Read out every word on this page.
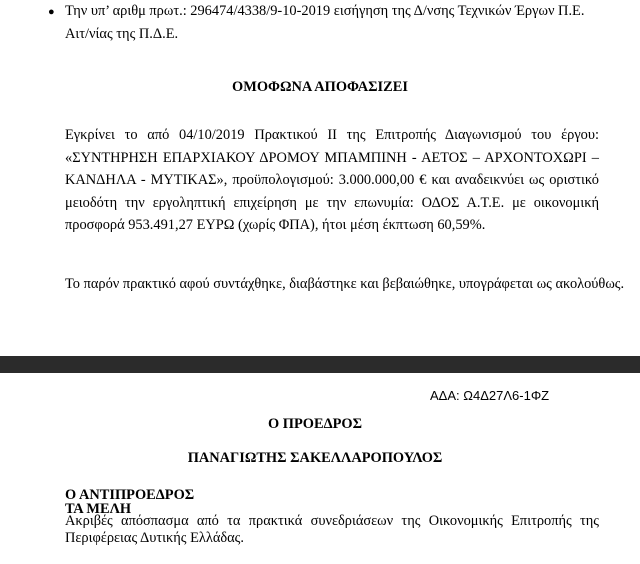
● Την υπ’ αριθμ πρωτ.: 296474/4338/9-10-2019 εισήγηση της Δ/νσης Τεχνικών Έργων Π.Ε.
Αιτ/νίας της Π.Δ.Ε.
ΟΜΟΦΩΝΑ ΑΠΟΦΑΣΙΖΕΙ
Εγκρίνει το από 04/10/2019 Πρακτικού ΙΙ της Επιτροπής Διαγωνισμού του έργου: «ΣΥΝΤΗΡΗΣΗ ΕΠΑΡΧΙΑΚΟΥ ΔΡΟΜΟΥ ΜΠΑΜΠΙΝΗ - ΑΕΤΟΣ – ΑΡΧΟΝΤΟΧΩΡΙ – ΚΑΝΔΗΛΑ - ΜΥΤΙΚΑΣ», προϋπολογισμού: 3.000.000,00 € και αναδεικνύει ως οριστικό μειοδότη την εργοληπτική επιχείρηση με την επωνυμία: ΟΔΟΣ Α.Τ.Ε. με οικονομική προσφορά 953.491,27 ΕΥΡΩ (χωρίς ΦΠΑ), ήτοι μέση έκπτωση 60,59%.
Το παρόν πρακτικό αφού συντάχθηκε, διαβάστηκε και βεβαιώθηκε, υπογράφεται ως ακολούθως.
ΑΔΑ: Ω4Δ27Λ6-1ΦΖ
Ο ΠΡΟΕΔΡΟΣ
ΠΑΝΑΓΙΩΤΗΣ ΣΑΚΕΛΛΑΡΟΠΟΥΛΟΣ
Ο ΑΝΤΙΠΡΟΕΔΡΟΣ
ΤΑ ΜΕΛΗ
Ακριβές απόσπασμα από τα πρακτικά συνεδριάσεων της Οικονομικής Επιτροπής της Περιφέρειας Δυτικής Ελλάδας.
